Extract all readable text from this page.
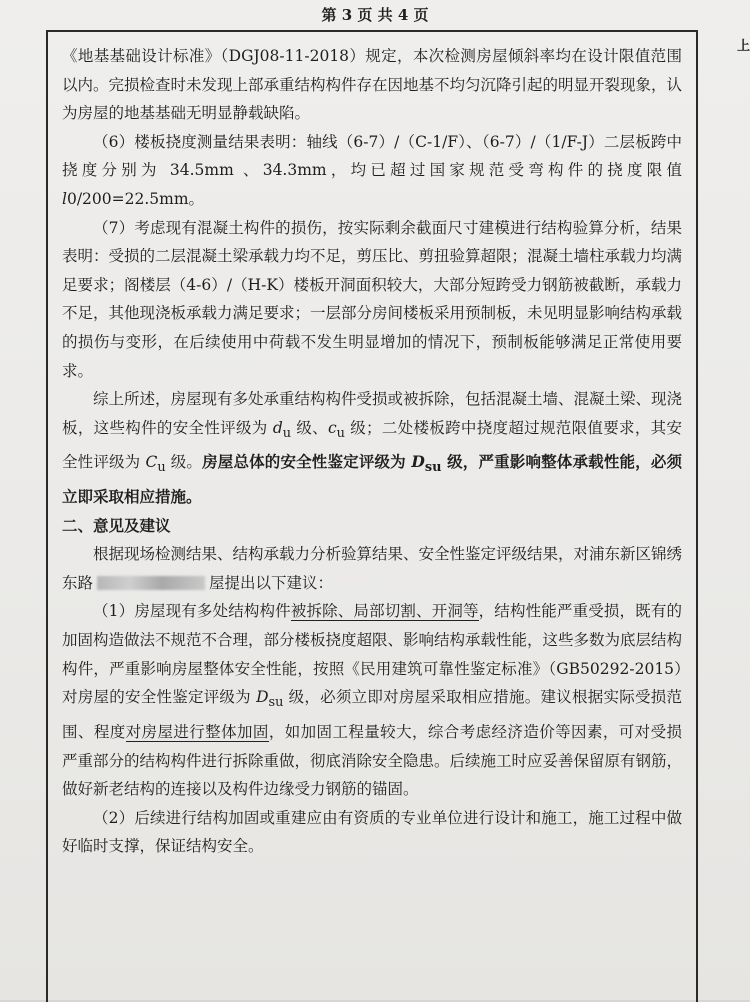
第 3 页 共 4 页
上

《地基基础设计标准》（DGJ08-11-2018）规定，本次检测房屋倾斜率均在设计限值范围以内。完损检查时未发现上部承重结构构件存在因地基不均匀沉降引起的明显开裂现象，认为房屋的地基基础无明显静载缺陷。

（6）楼板挠度测量结果表明：轴线（6-7）/（C-1/F）、（6-7）/（1/F-J）二层板跨中挠度分别为 34.5mm 、34.3mm，均已超过国家规范受弯构件的挠度限值 l0/200=22.5mm。

（7）考虑现有混凝土构件的损伤，按实际剩余截面尺寸建模进行结构验算分析，结果表明：受损的二层混凝土梁承载力均不足，剪压比、剪扭验算超限；混凝土墙柱承载力均满足要求；阁楼层（4-6）/（H-K）楼板开洞面积较大，大部分短跨受力钢筋被截断，承载力不足，其他现浇板承载力满足要求；一层部分房间楼板采用预制板，未见明显影响结构承载的损伤与变形，在后续使用中荷载不发生明显增加的情况下，预制板能够满足正常使用要求。

综上所述，房屋现有多处承重结构构件受损或被拆除，包括混凝土墙、混凝土梁、现浇板，这些构件的安全性评级为 $d_u$ 级、$c_u$ 级；二处楼板跨中挠度超过规范限值要求，其安全性评级为 $C_u$ 级。房屋总体的安全性鉴定评级为 $D_{su}$ 级，严重影响整体承载性能，必须立即采取相应措施。

二、意见及建议

根据现场检测结果、结构承载力分析验算结果、安全性鉴定评级结果，对浦东新区锦绣东路	屋提出以下建议：

（1）房屋现有多处结构构件被拆除、局部切割、开洞等，结构性能严重受损，既有的加固构造做法不规范不合理，部分楼板挠度超限、影响结构承载性能，这些多数为底层结构构件，严重影响房屋整体安全性能，按照《民用建筑可靠性鉴定标准》（GB50292-2015）对房屋的安全性鉴定评级为 $D_{su}$ 级，必须立即对房屋采取相应措施。建议根据实际受损范围、程度对房屋进行整体加固，如加固工程量较大，综合考虑经济造价等因素，可对受损严重部分的结构构件进行拆除重做，彻底消除安全隐患。后续施工时应妥善保留原有钢筋，做好新老结构的连接以及构件边缘受力钢筋的锚固。

（2）后续进行结构加固或重建应由有资质的专业单位进行设计和施工，施工过程中做好临时支撑，保证结构安全。
